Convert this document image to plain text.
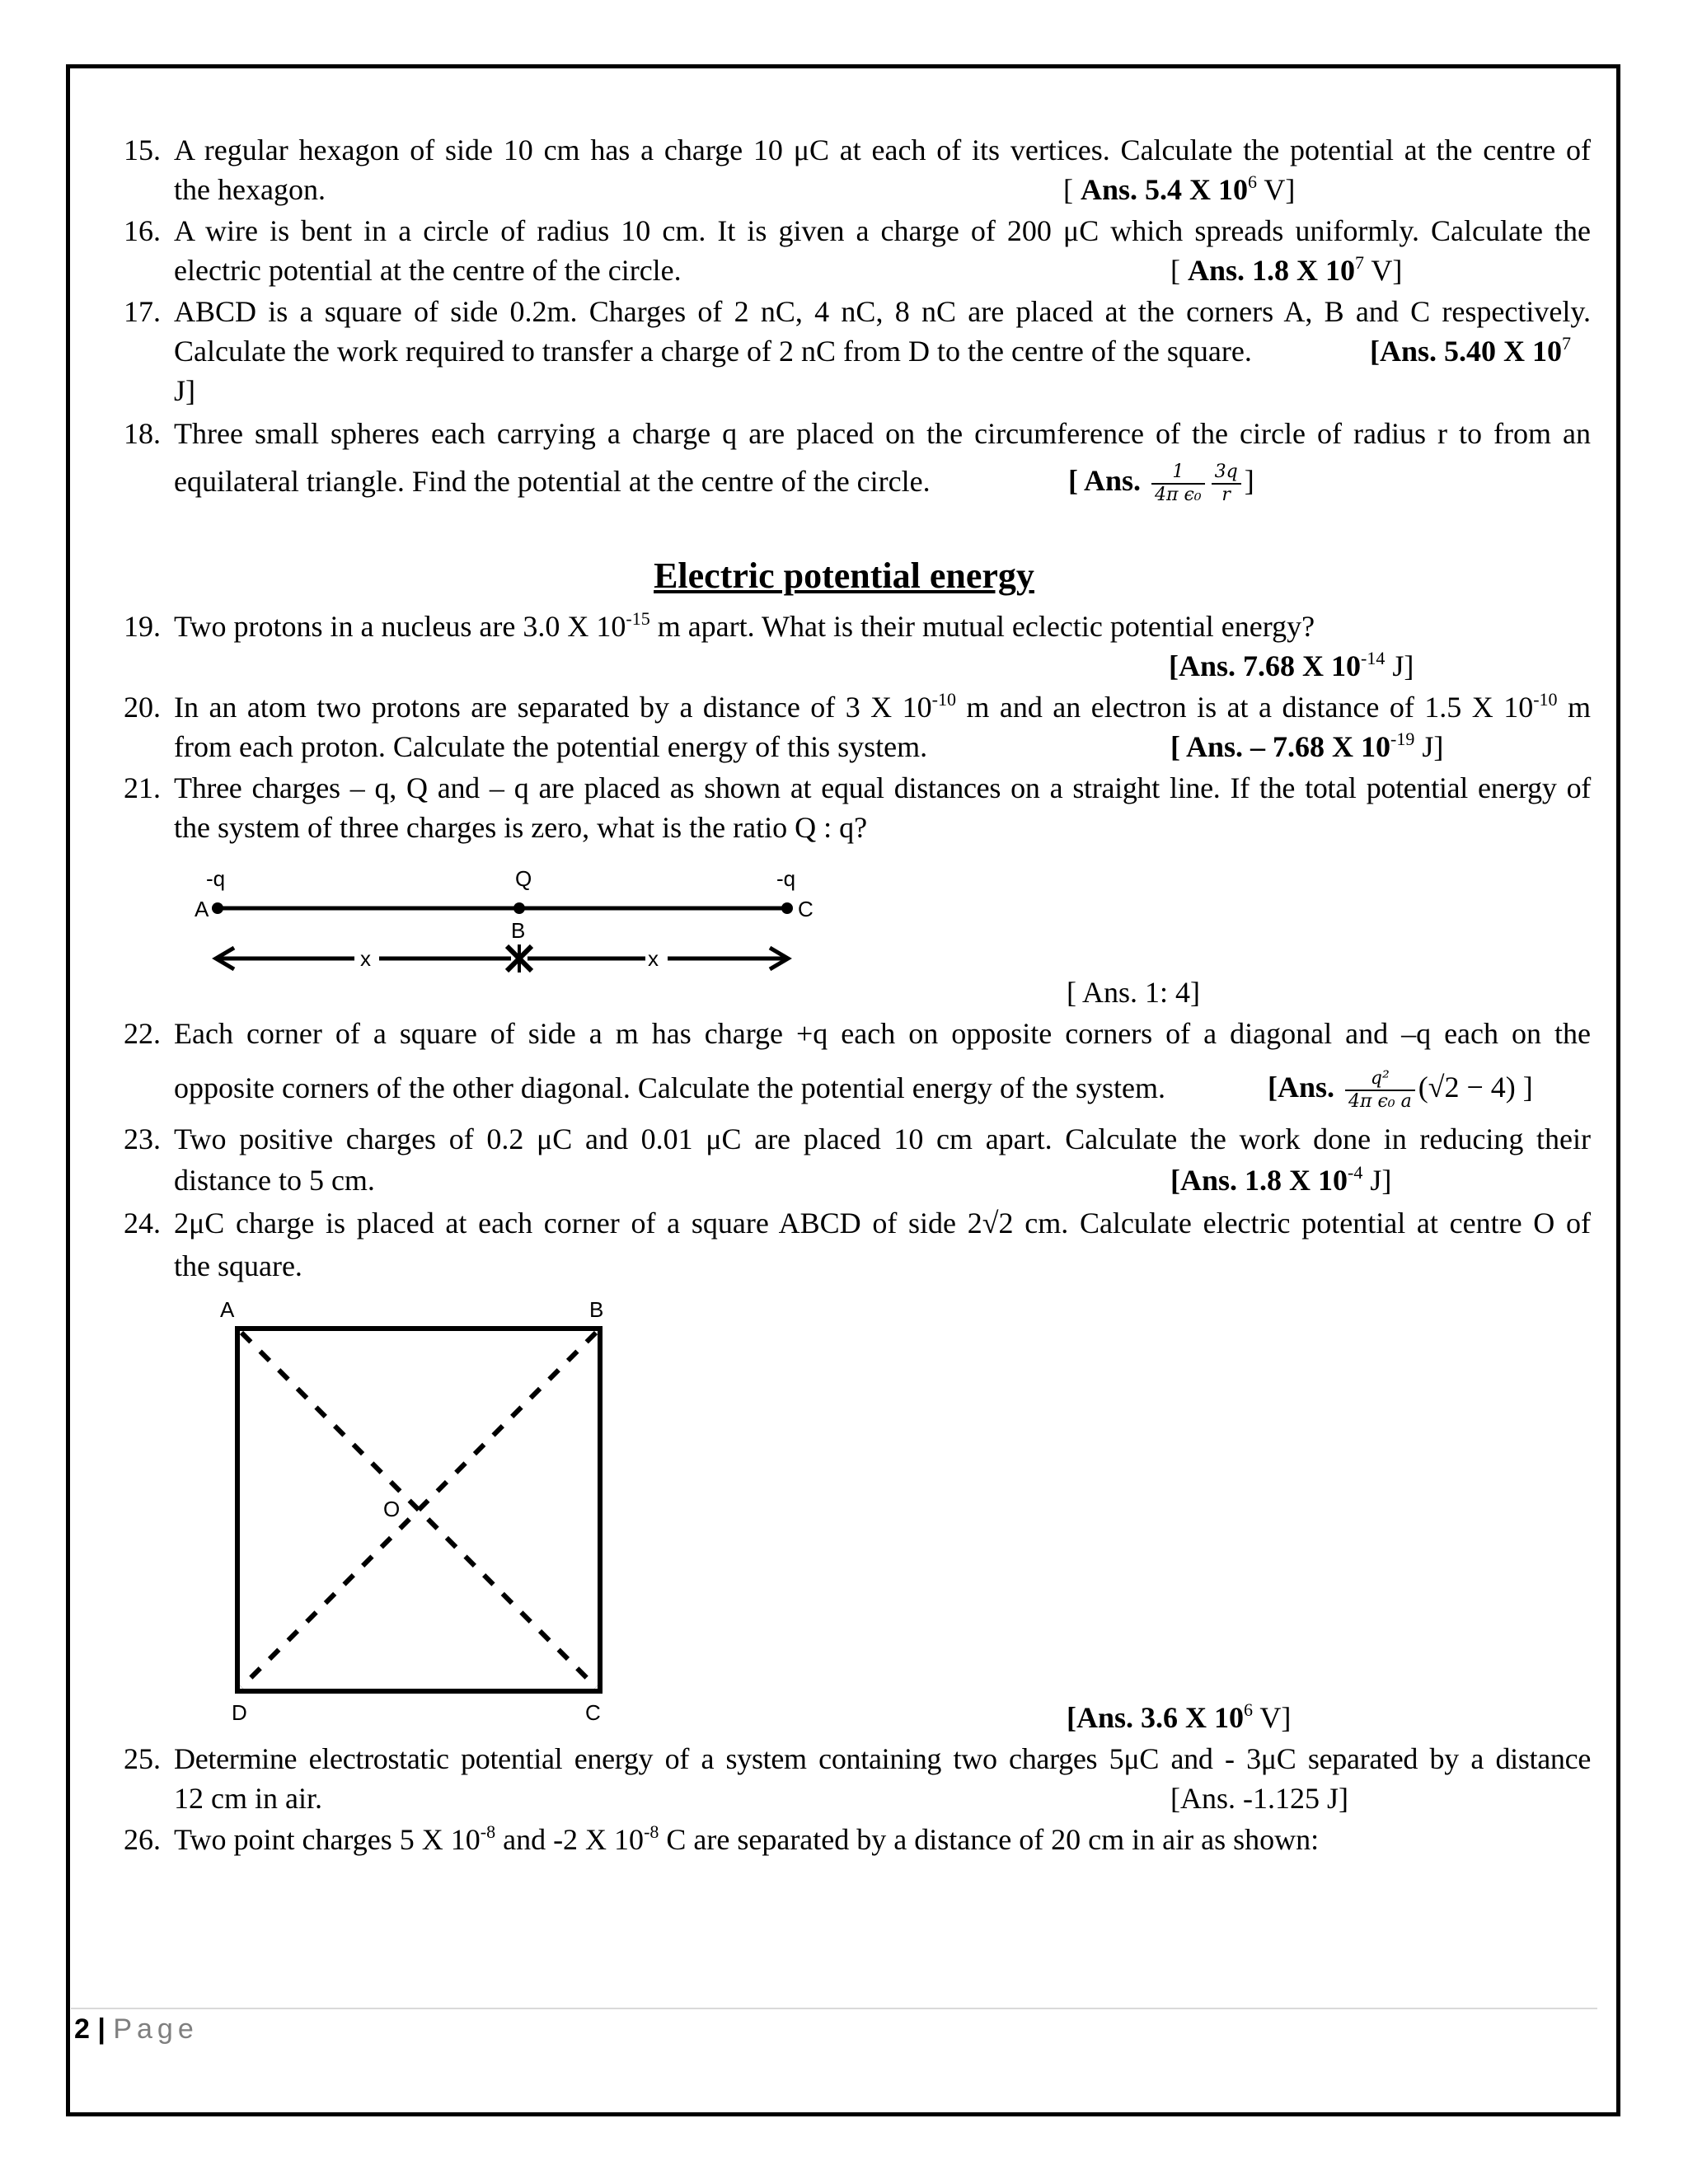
15. A regular hexagon of side 10 cm has a charge 10 μC at each of its vertices. Calculate the potential at the centre of
the hexagon.	[ Ans. 5.4 X $10^6$ V]
16. A wire is bent in a circle of radius 10 cm. It is given a charge of 200 μC which spreads uniformly. Calculate the
electric potential at the centre of the circle.	[ Ans. 1.8 X $10^7$ V]
17. ABCD is a square of side 0.2m. Charges of 2 nC, 4 nC, 8 nC are placed at the corners A, B and C respectively.
Calculate the work required to transfer a charge of 2 nC from D to the centre of the square.	[Ans. 5.40 X $10^7$
J]
18. Three small spheres each carrying a charge q are placed on the circumference of the circle of radius r to from an
equilateral triangle. Find the potential at the centre of the circle.	[ Ans. $\frac{1}{\text{4π ϵ₀}} \frac{3q}{r}$ ]
Electric potential energy
19. Two protons in a nucleus are 3.0 X $10^{-15}$ m apart. What is their mutual eclectic potential energy?
[Ans. 7.68 X $10^{-14}$ J]
20. In an atom two protons are separated by a distance of 3 X $10^{-10}$ m and an electron is at a distance of 1.5 X $10^{-10}$ m
from each proton. Calculate the potential energy of this system.	[ Ans. – 7.68 X $10^{-19}$ J]
21. Three charges – q, Q and – q are placed as shown at equal distances on a straight line. If the total potential energy of
the system of three charges is zero, what is the ratio Q : q?
-q	Q	-q
A
B
C
x	x
[ Ans. 1: 4]
22. Each corner of a square of side a m has charge +q each on opposite corners of a diagonal and –q each on the
opposite corners of the other diagonal. Calculate the potential energy of the system.	[Ans. $\frac{\text{q²}}{\text{4π ϵ₀ a}} (√2 - 4)$ ]
23. Two positive charges of 0.2 μC and 0.01 μC are placed 10 cm apart. Calculate the work done in reducing their
distance to 5 cm.	[Ans. 1.8 X $10^{-4}$ J]
24. 2μC charge is placed at each corner of a square ABCD of side 2√2 cm. Calculate electric potential at centre O of
the square.
A	B
C
D
O
[Ans. 3.6 X $10^6$ V]
25. Determine electrostatic potential energy of a system containing two charges 5μC and - 3μC separated by a distance
12 cm in air.	[Ans. -1.125 J]
26. Two point charges 5 X $10^{-8}$ and -2 X $10^{-8}$ C are separated by a distance of 20 cm in air as shown:
2 | Page
